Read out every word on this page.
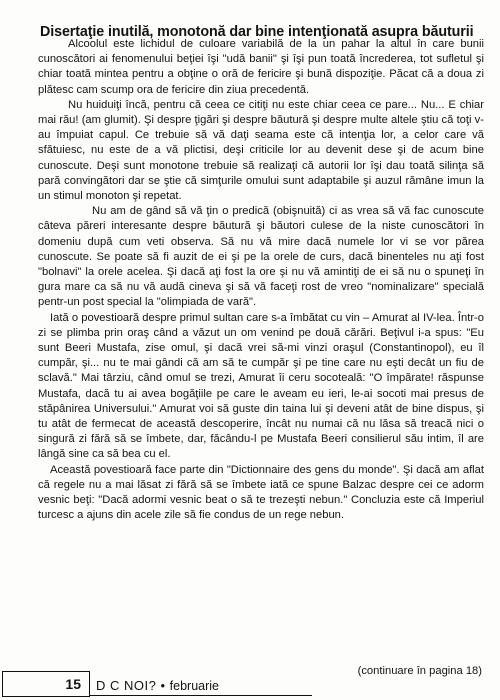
Disertaţie inutilă, monotonă dar bine intenţionată asupra băuturii

Alcoolul este lichidul de culoare variabilă de la un pahar la altul în care bunii cunoscători ai fenomenului beţiei îşi "udă banii" şi îşi pun toată încrederea, tot sufletul şi chiar toată mintea pentru a obţine o oră de fericire şi bună dispoziţie. Păcat că a doua zi plătesc cam scump ora de fericire din ziua precedentă.

Nu huiduiţi încă, pentru că ceea ce citiţi nu este chiar ceea ce pare... Nu... E chiar mai rău! (am glumit). Şi despre ţigări şi despre băutură şi despre multe altele ştiu că toţi v-au împuiat capul. Ce trebuie să vă daţi seama este că intenţia lor, a celor care vă sfătuiesc, nu este de a vă plictisi, deşi criticile lor au devenit dese şi de acum bine cunoscute. Deşi sunt monotone trebuie să realizaţi că autorii lor îşi dau toată silinţa să pară convingători dar se ştie că simţurile omului sunt adaptabile şi auzul rămâne imun la un stimul monoton şi repetat.

Nu am de gând să vă ţin o predică (obişnuită) ci as vrea să vă fac cunoscute câteva păreri interesante despre băutură şi băutori culese de la niste cunoscători în domeniu după cum veti observa. Să nu vă mire dacă numele lor vi se vor părea cunoscute. Se poate să fi auzit de ei şi pe la orele de curs, dacă binenteles nu aţi fost "bolnavi" la orele acelea. Şi dacă aţi fost la ore şi nu vă amintiţi de ei să nu o spuneţi în gura mare ca să nu vă audă cineva şi să vă faceţi rost de vreo "nominalizare" specială pentr-un post special la "olimpiada de vară".

Iată o povestioară despre primul sultan care s-a îmbătat cu vin – Amurat al IV-lea. Într-o zi se plimba prin oraş când a văzut un om venind pe două cărări. Beţivul i-a spus: "Eu sunt Beeri Mustafa, zise omul, şi dacă vrei să-mi vinzi oraşul (Constantinopol), eu îl cumpăr, şi... nu te mai gândi că am să te cumpăr şi pe tine care nu eşti decât un fiu de sclavă." Mai târziu, când omul se trezi, Amurat îi ceru socoteală: "O împărate! răspunse Mustafa, dacă tu ai avea bogăţiile pe care le aveam eu ieri, le-ai socoti mai presus de stăpânirea Universului." Amurat voi să guste din taina lui şi deveni atât de bine dispus, şi tu atât de fermecat de această descoperire, încât nu numai că nu lăsa să treacă nici o singură zi fără să se îmbete, dar, făcându-l pe Mustafa Beeri consilierul său intim, îl are lângă sine ca să bea cu el.

Această povestioară face parte din "Dictionnaire des gens du monde". Şi dacă am aflat că regele nu a mai lăsat zi fără să se îmbete iată ce spune Balzac despre cei ce adorm vesnic beţi: "Dacă adormi vesnic beat o să te trezeşti nebun." Concluzia este că Imperiul turcesc a ajuns din acele zile să fie condus de un rege nebun.

(continuare în pagina 18)
15 D C NOI? • februarie
